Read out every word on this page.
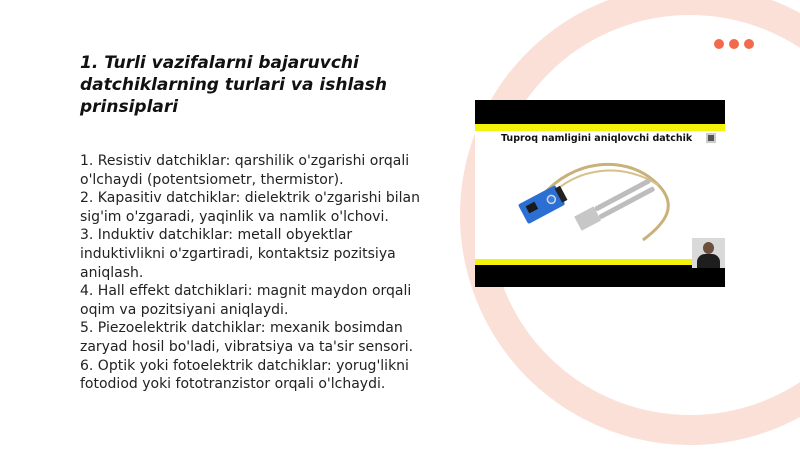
1. Turli vazifalarni bajaruvchi datchiklarning turlari va ishlash prinsiplari
1. Resistiv datchiklar: qarshilik o'zgarishi orqali o'lchaydi (potentsiometr, thermistor).
2. Kapasitiv datchiklar: dielektrik o'zgarishi bilan sig'im o'zgaradi, yaqinlik va namlik o'lchovi.
3. Induktiv datchiklar: metall obyektlar induktivlikni o'zgartiradi, kontaktsiz pozitsiya aniqlash.
4. Hall effekt datchiklari: magnit maydon orqali oqim va pozitsiyani aniqlaydi.
5. Piezoelektrik datchiklar: mexanik bosimdan zaryad hosil bo'ladi, vibratsiya va ta'sir sensori.
6. Optik yoki fotoelektrik datchiklar: yorug'likni fotodiod yoki fototranzistor orqali o'lchaydi.
Tuproq namligini aniqlovchi datchik
